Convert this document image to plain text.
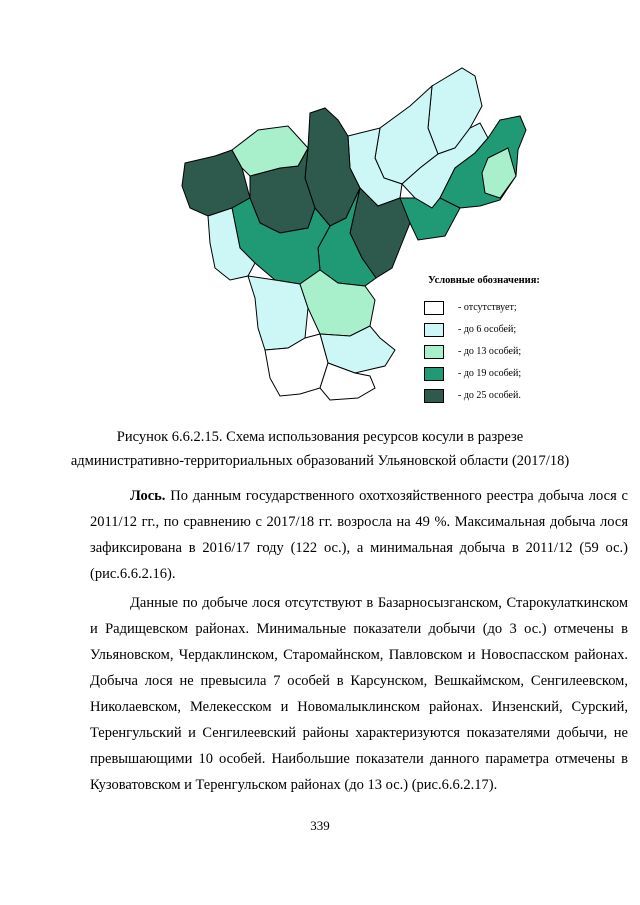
Условные обозначения:
- отсутствует;
- до 6 особей;
- до 13 особей;
- до 19 особей;
- до 25 особей.
Рисунок 6.6.2.15. Схема использования ресурсов косули в разрезе
административно-территориальных образований Ульяновской области (2017/18)
Лось. По данным государственного охотхозяйственного реестра добыча лося с 2011/12 гг., по сравнению с 2017/18 гг. возросла на 49 %. Максимальная добыча лося зафиксирована в 2016/17 году (122 ос.), а минимальная добыча в 2011/12 (59 ос.) (рис.6.6.2.16).
Данные по добыче лося отсутствуют в Базарносызганском, Старокулаткинском и Радищевском районах. Минимальные показатели добычи (до 3 ос.) отмечены в Ульяновском, Чердаклинском, Старомайнском, Павловском и Новоспасском районах. Добыча лося не превысила 7 особей в Карсунском, Вешкаймском, Сенгилеевском, Николаевском, Мелекесском и Новомалыклинском районах. Инзенский, Сурский, Теренгульский и Сенгилеевский районы характеризуются показателями добычи, не превышающими 10 особей. Наибольшие показатели данного параметра отмечены в Кузоватовском и Теренгульском районах (до 13 ос.) (рис.6.6.2.17).
339
